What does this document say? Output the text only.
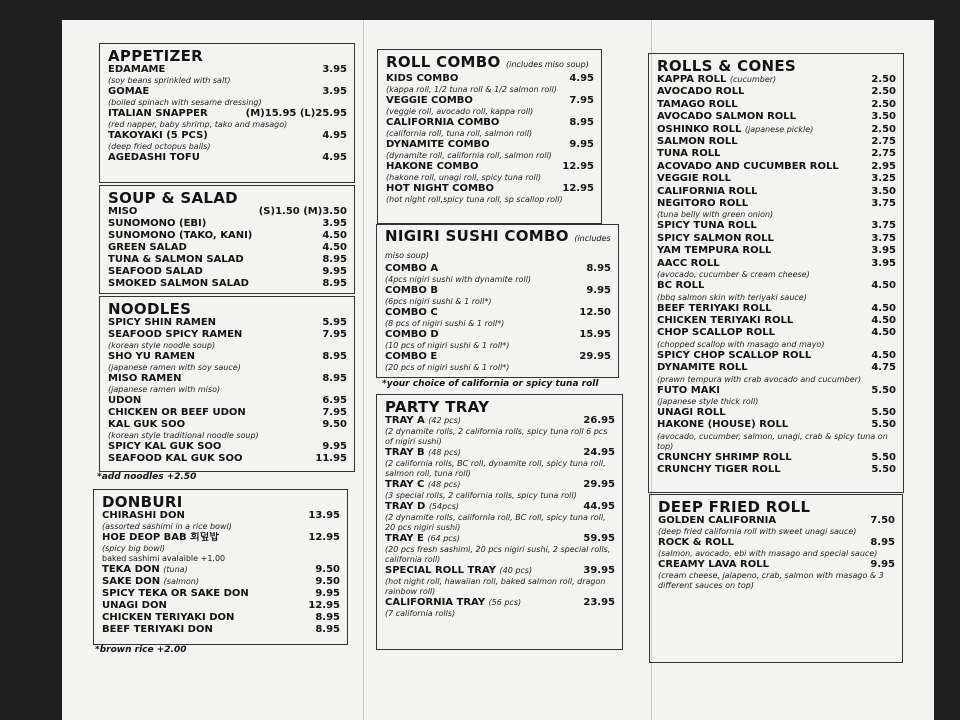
APPETIZER
EDAMAME	3.95
(soy beans sprinkled with salt)
GOMAE	3.95
(boiled spinach with sesame dressing)
ITALIAN SNAPPER	(M)15.95 (L)25.95
(red napper, baby shrimp, tako and masago)
TAKOYAKI (5 PCS)	4.95
(deep fried octopus balls)
AGEDASHI TOFU	4.95
SOUP & SALAD
MISO	(S)1.50 (M)3.50
SUNOMONO (EBI)	3.95
SUNOMONO (TAKO, KANI)	4.50
GREEN SALAD	4.50
TUNA & SALMON SALAD	8.95
SEAFOOD SALAD	9.95
SMOKED SALMON SALAD	8.95
NOODLES
SPICY SHIN RAMEN	5.95
SEAFOOD SPICY RAMEN	7.95
(korean style noodle soup)
SHO YU RAMEN	8.95
(japanese ramen with soy sauce)
MISO RAMEN	8.95
(japanese ramen with miso)
UDON	6.95
CHICKEN OR BEEF UDON	7.95
KAL GUK SOO	9.50
(korean style traditional noodle soup)
SPICY KAL GUK SOO	9.95
SEAFOOD KAL GUK SOO	11.95
*add noodles +2.50
DONBURI
CHIRASHI DON	13.95
(assorted sashimi in a rice bowl)
HOE DEOP BAB 회덮밥	12.95
(spicy big bowl)
baked sashimi avalaible +1.00
TEKA DON (tuna)	9.50
SAKE DON (salmon)	9.50
SPICY TEKA OR SAKE DON	9.95
UNAGI DON	12.95
CHICKEN TERIYAKI DON	8.95
BEEF TERIYAKI DON	8.95
*brown rice +2.00
ROLL COMBO (includes miso soup)
KIDS COMBO	4.95
(kappa roll, 1/2 tuna roll & 1/2 salmon roll)
VEGGIE COMBO	7.95
(veggie roll, avocado roll, kappa roll)
CALIFORNIA COMBO	8.95
(california roll, tuna roll, salmon roll)
DYNAMITE COMBO	9.95
(dynamite roll, california roll, salmon roll)
HAKONE COMBO	12.95
(hakone roll, unagi roll, spicy tuna roll)
HOT NIGHT COMBO	12.95
(hot night roll,spicy tuna roll, sp scallop roll)
NIGIRI SUSHI COMBO (includes miso soup)
COMBO A	8.95
(4pcs nigiri sushi with dynamite roll)
COMBO B	9.95
(6pcs nigiri sushi & 1 roll*)
COMBO C	12.50
(8 pcs of nigiri sushi & 1 roll*)
COMBO D	15.95
(10 pcs of nigiri sushi & 1 roll*)
COMBO E	29.95
(20 pcs of nigiri sushi & 1 roll*)
*your choice of california or spicy tuna roll
PARTY TRAY
TRAY A (42 pcs)	26.95
(2 dynamite rolls, 2 california rolls, spicy tuna roll 6 pcs of nigiri sushi)
TRAY B (48 pcs)	24.95
(2 california rolls, BC roll, dynamite roll, spicy tuna roll, salmon roll, tuna roll)
TRAY C (48 pcs)	29.95
(3 special rolls, 2 california rolls, spicy tuna roll)
TRAY D (54pcs)	44.95
(2 dynamite rolls, california roll, BC roll, spicy tuna roll, 20 pcs nigiri sushi)
TRAY E (64 pcs)	59.95
(20 pcs fresh sashimi, 20 pcs nigiri sushi, 2 special rolls, california roll)
SPECIAL ROLL TRAY (40 pcs)	39.95
(hot night roll, hawaiian roll, baked salmon roll, dragon rainbow roll)
CALIFORNIA TRAY (56 pcs)	23.95
(7 california rolls)
ROLLS & CONES
KAPPA ROLL (cucumber)	2.50
AVOCADO ROLL	2.50
TAMAGO ROLL	2.50
AVOCADO SALMON ROLL	3.50
OSHINKO ROLL (japanese pickle)	2.50
SALMON ROLL	2.75
TUNA ROLL	2.75
ACOVADO AND CUCUMBER ROLL	2.95
VEGGIE ROLL	3.25
CALIFORNIA ROLL	3.50
NEGITORO ROLL	3.75
(tuna belly with green onion)
SPICY TUNA ROLL	3.75
SPICY SALMON ROLL	3.75
YAM TEMPURA ROLL	3.95
AACC ROLL	3.95
(avocado, cucumber & cream cheese)
BC ROLL	4.50
(bbq salmon skin with teriyaki sauce)
BEEF TERIYAKI ROLL	4.50
CHICKEN TERIYAKI ROLL	4.50
CHOP SCALLOP ROLL	4.50
(chopped scallop with masago and mayo)
SPICY CHOP SCALLOP ROLL	4.50
DYNAMITE ROLL	4.75
(prawn tempura with crab avocado and cucumber)
FUTO MAKI	5.50
(japanese style thick roll)
UNAGI ROLL	5.50
HAKONE (HOUSE) ROLL	5.50
(avocado, cucumber, salmon, unagi, crab & spicy tuna on top)
CRUNCHY SHRIMP ROLL	5.50
CRUNCHY TIGER ROLL	5.50
DEEP FRIED ROLL
GOLDEN CALIFORNIA	7.50
(deep fried california roll with sweet unagi sauce)
ROCK & ROLL	8.95
(salmon, avocado, ebi with masago and special sauce)
CREAMY LAVA ROLL	9.95
(cream cheese, jalapeno, crab, salmon with masago & 3 different sauces on top)
